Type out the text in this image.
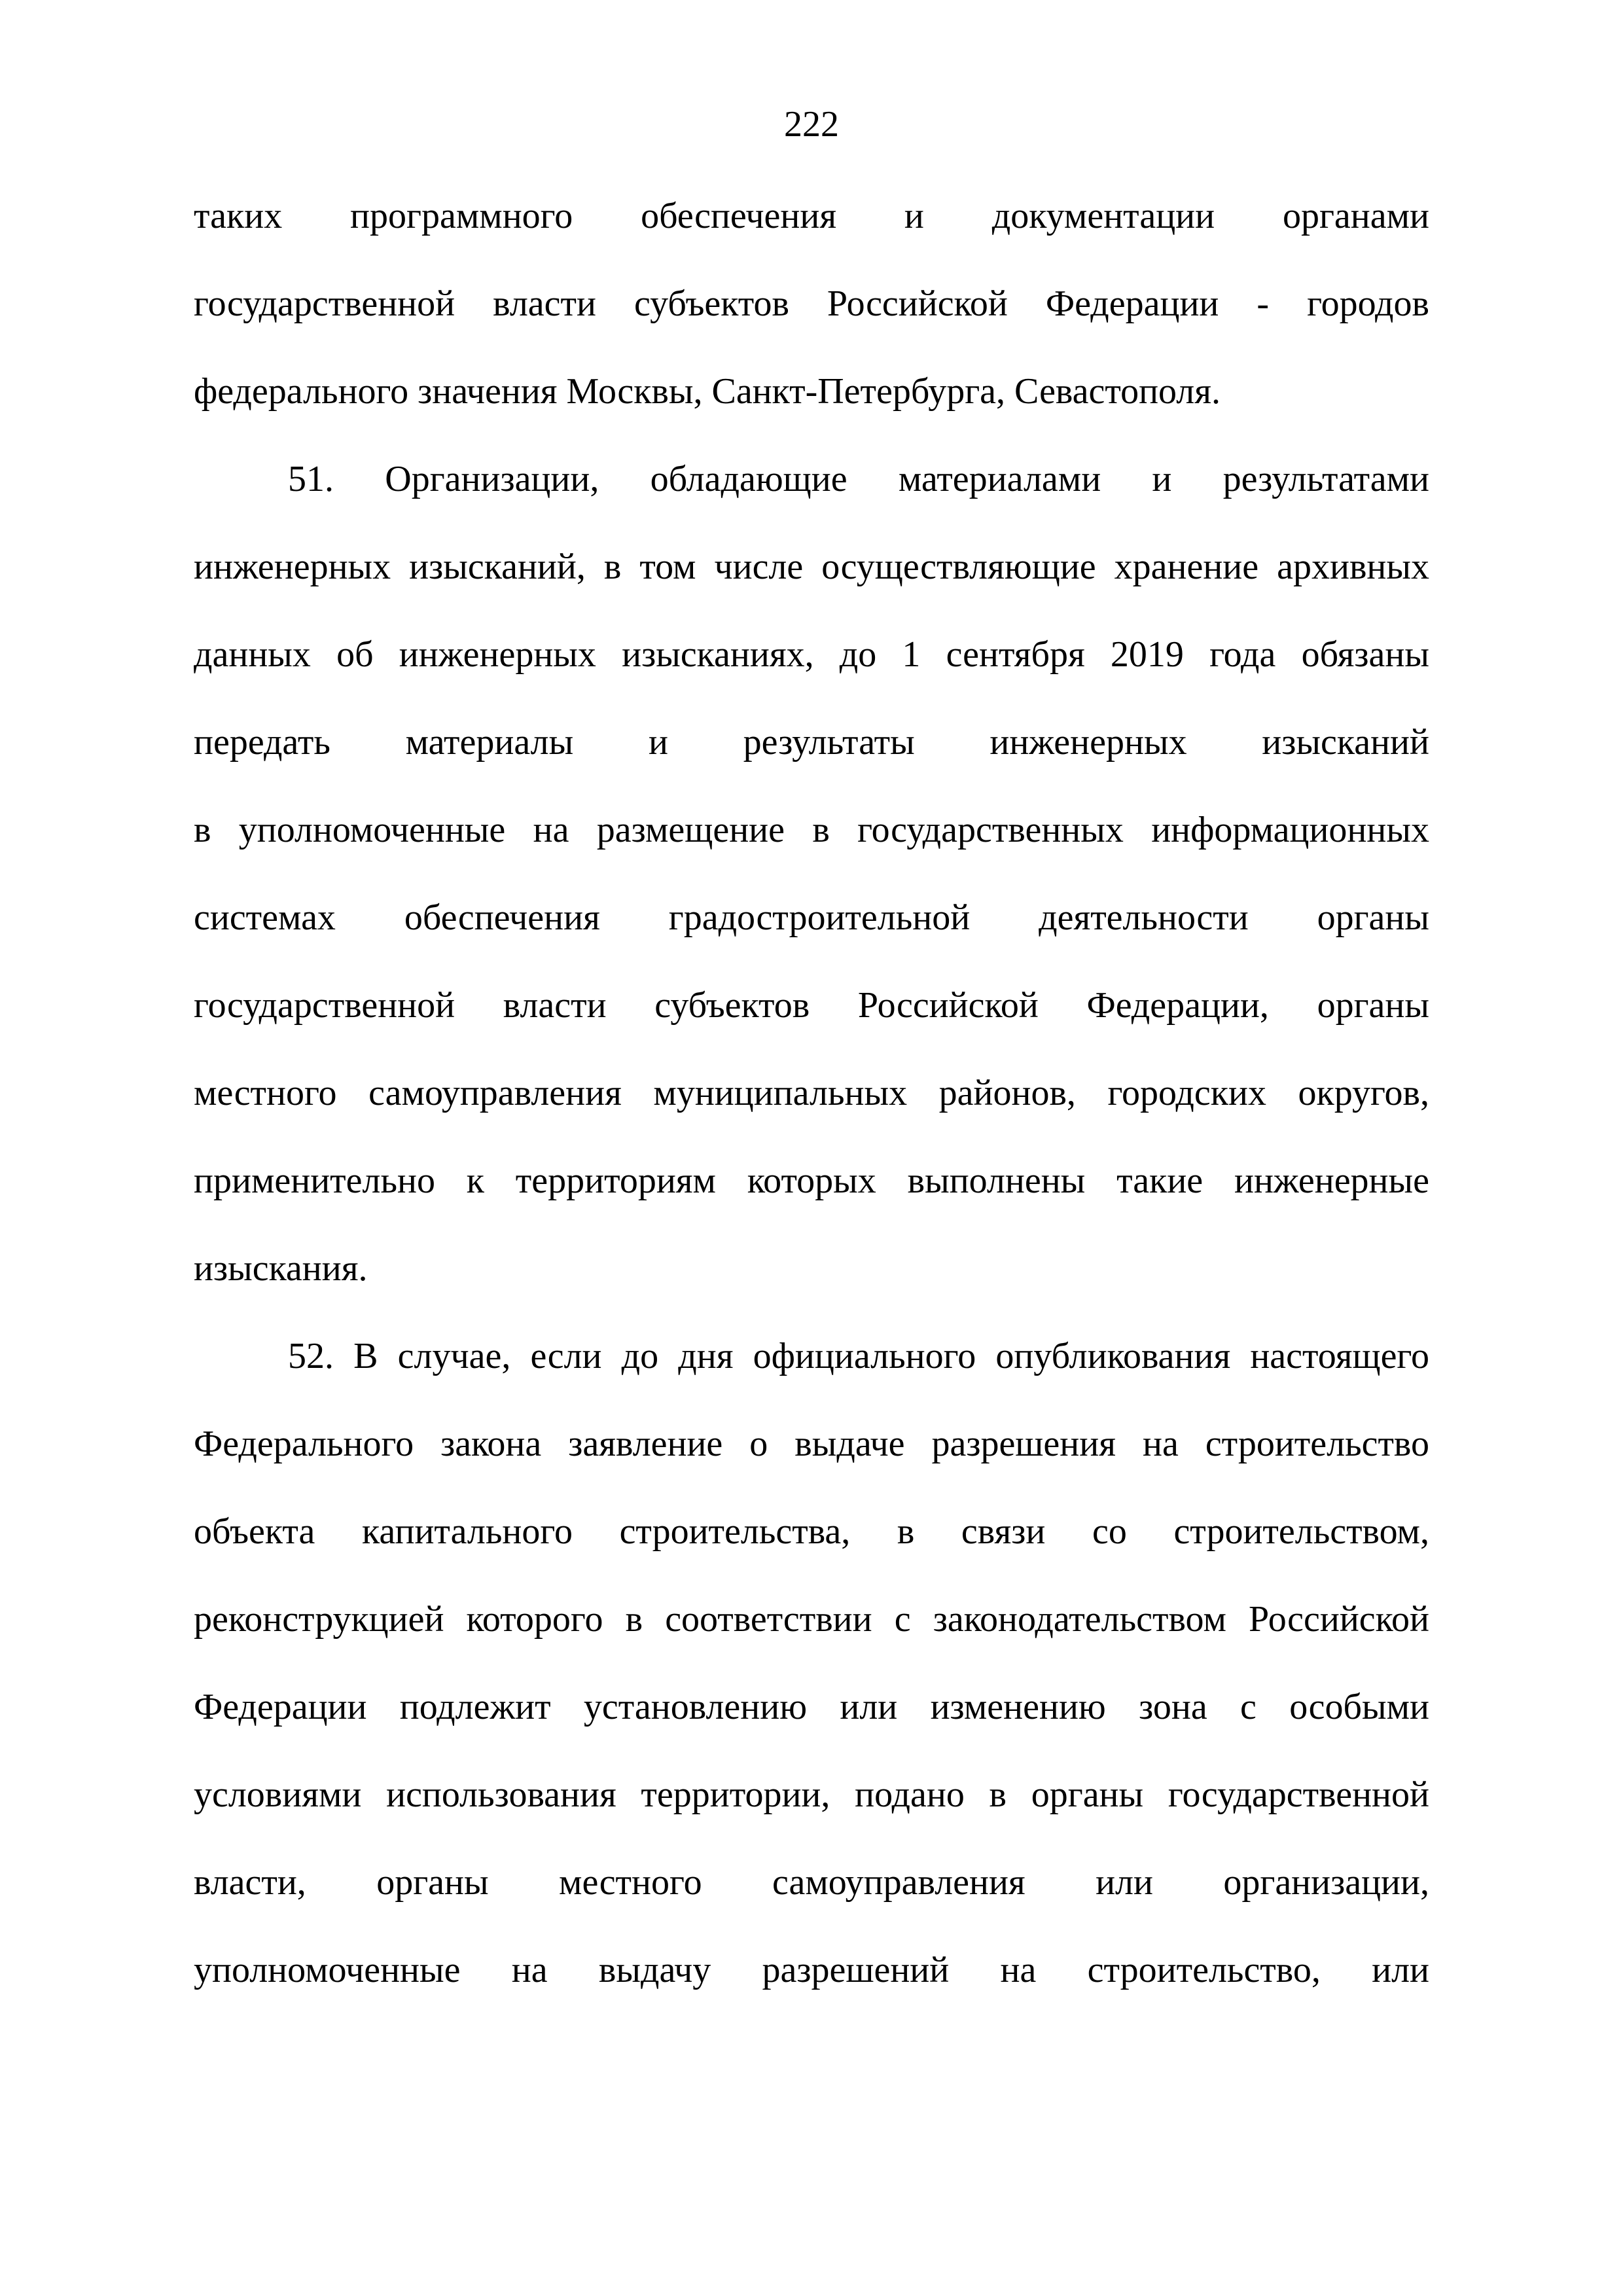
222
таких программного обеспечения и документации органами
государственной власти субъектов Российской Федерации - городов
федерального значения Москвы, Санкт-Петербурга, Севастополя.
51. Организации, обладающие материалами и результатами
инженерных изысканий, в том числе осуществляющие хранение архивных
данных об инженерных изысканиях, до 1 сентября 2019 года обязаны
передать материалы и результаты инженерных изысканий
в уполномоченные на размещение в государственных информационных
системах обеспечения градостроительной деятельности органы
государственной власти субъектов Российской Федерации, органы
местного самоуправления муниципальных районов, городских округов,
применительно к территориям которых выполнены такие инженерные
изыскания.
52. В случае, если до дня официального опубликования настоящего
Федерального закона заявление о выдаче разрешения на строительство
объекта капитального строительства, в связи со строительством,
реконструкцией которого в соответствии с законодательством Российской
Федерации подлежит установлению или изменению зона с особыми
условиями использования территории, подано в органы государственной
власти, органы местного самоуправления или организации,
уполномоченные на выдачу разрешений на строительство, или
